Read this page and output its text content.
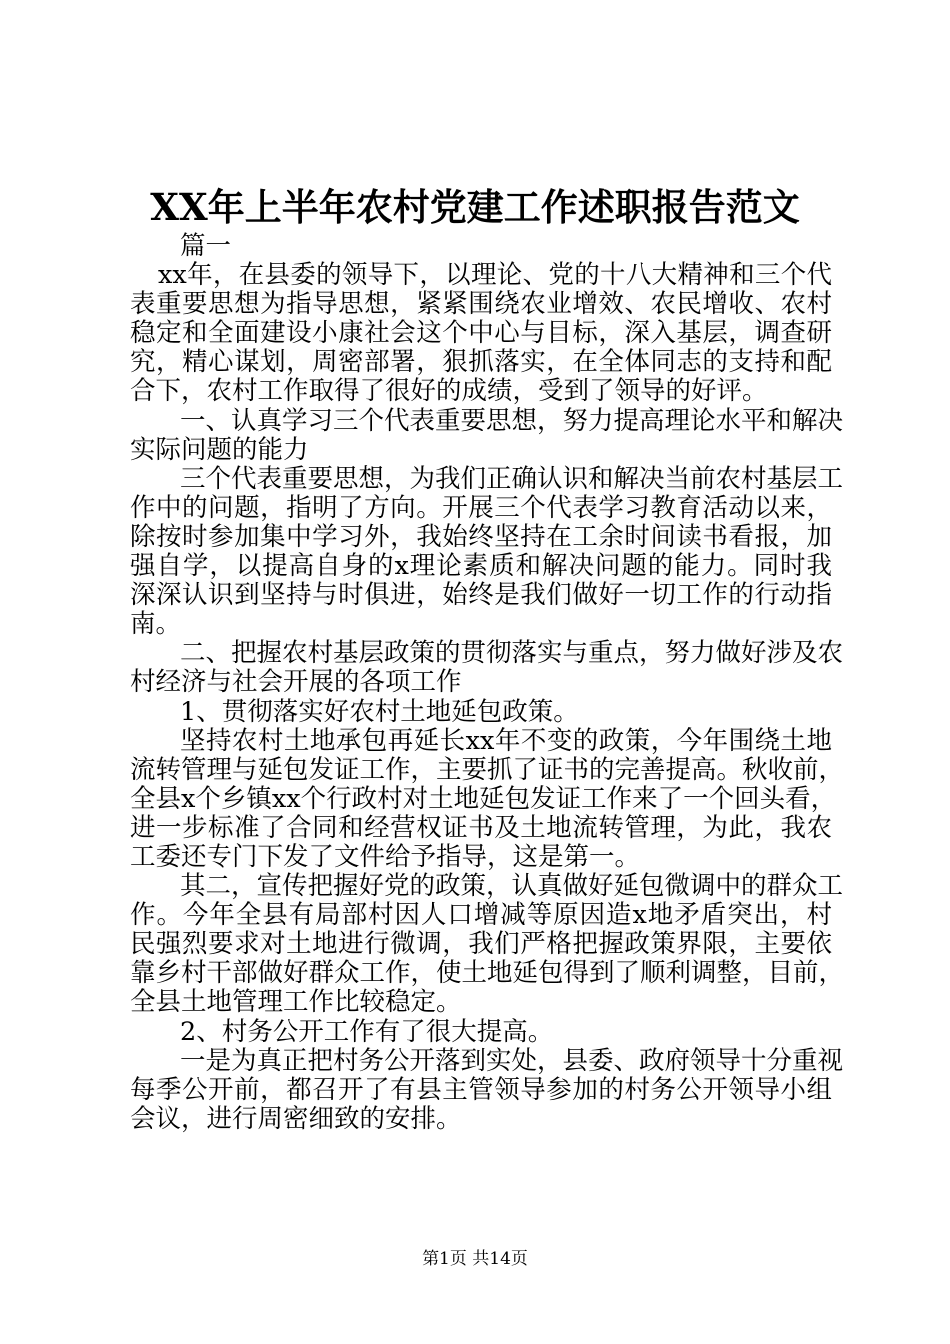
XX年上半年农村党建工作述职报告范文
篇一
xx年，在县委的领导下，以理论、党的十八大精神和三个代
表重要思想为指导思想，紧紧围绕农业增效、农民增收、农村
稳定和全面建设小康社会这个中心与目标，深入基层，调查研
究，精心谋划，周密部署，狠抓落实，在全体同志的支持和配
合下，农村工作取得了很好的成绩，受到了领导的好评。
一、认真学习三个代表重要思想，努力提高理论水平和解决
实际问题的能力
三个代表重要思想，为我们正确认识和解决当前农村基层工
作中的问题，指明了方向。开展三个代表学习教育活动以来，
除按时参加集中学习外，我始终坚持在工余时间读书看报，加
强自学，以提高自身的x理论素质和解决问题的能力。同时我
深深认识到坚持与时俱进，始终是我们做好一切工作的行动指
南。
二、把握农村基层政策的贯彻落实与重点，努力做好涉及农
村经济与社会开展的各项工作
1、贯彻落实好农村土地延包政策。
坚持农村土地承包再延长xx年不变的政策，今年围绕土地
流转管理与延包发证工作，主要抓了证书的完善提高。秋收前，
全县x个乡镇xx个行政村对土地延包发证工作来了一个回头看，
进一步标准了合同和经营权证书及土地流转管理，为此，我农
工委还专门下发了文件给予指导，这是第一。
其二，宣传把握好党的政策，认真做好延包微调中的群众工
作。今年全县有局部村因人口增减等原因造x地矛盾突出，村
民强烈要求对土地进行微调，我们严格把握政策界限，主要依
靠乡村干部做好群众工作，使土地延包得到了顺利调整，目前，
全县土地管理工作比较稳定。
2、村务公开工作有了很大提高。
一是为真正把村务公开落到实处，县委、政府领导十分重视
每季公开前，都召开了有县主管领导参加的村务公开领导小组
会议，进行周密细致的安排。
第1页 共14页
